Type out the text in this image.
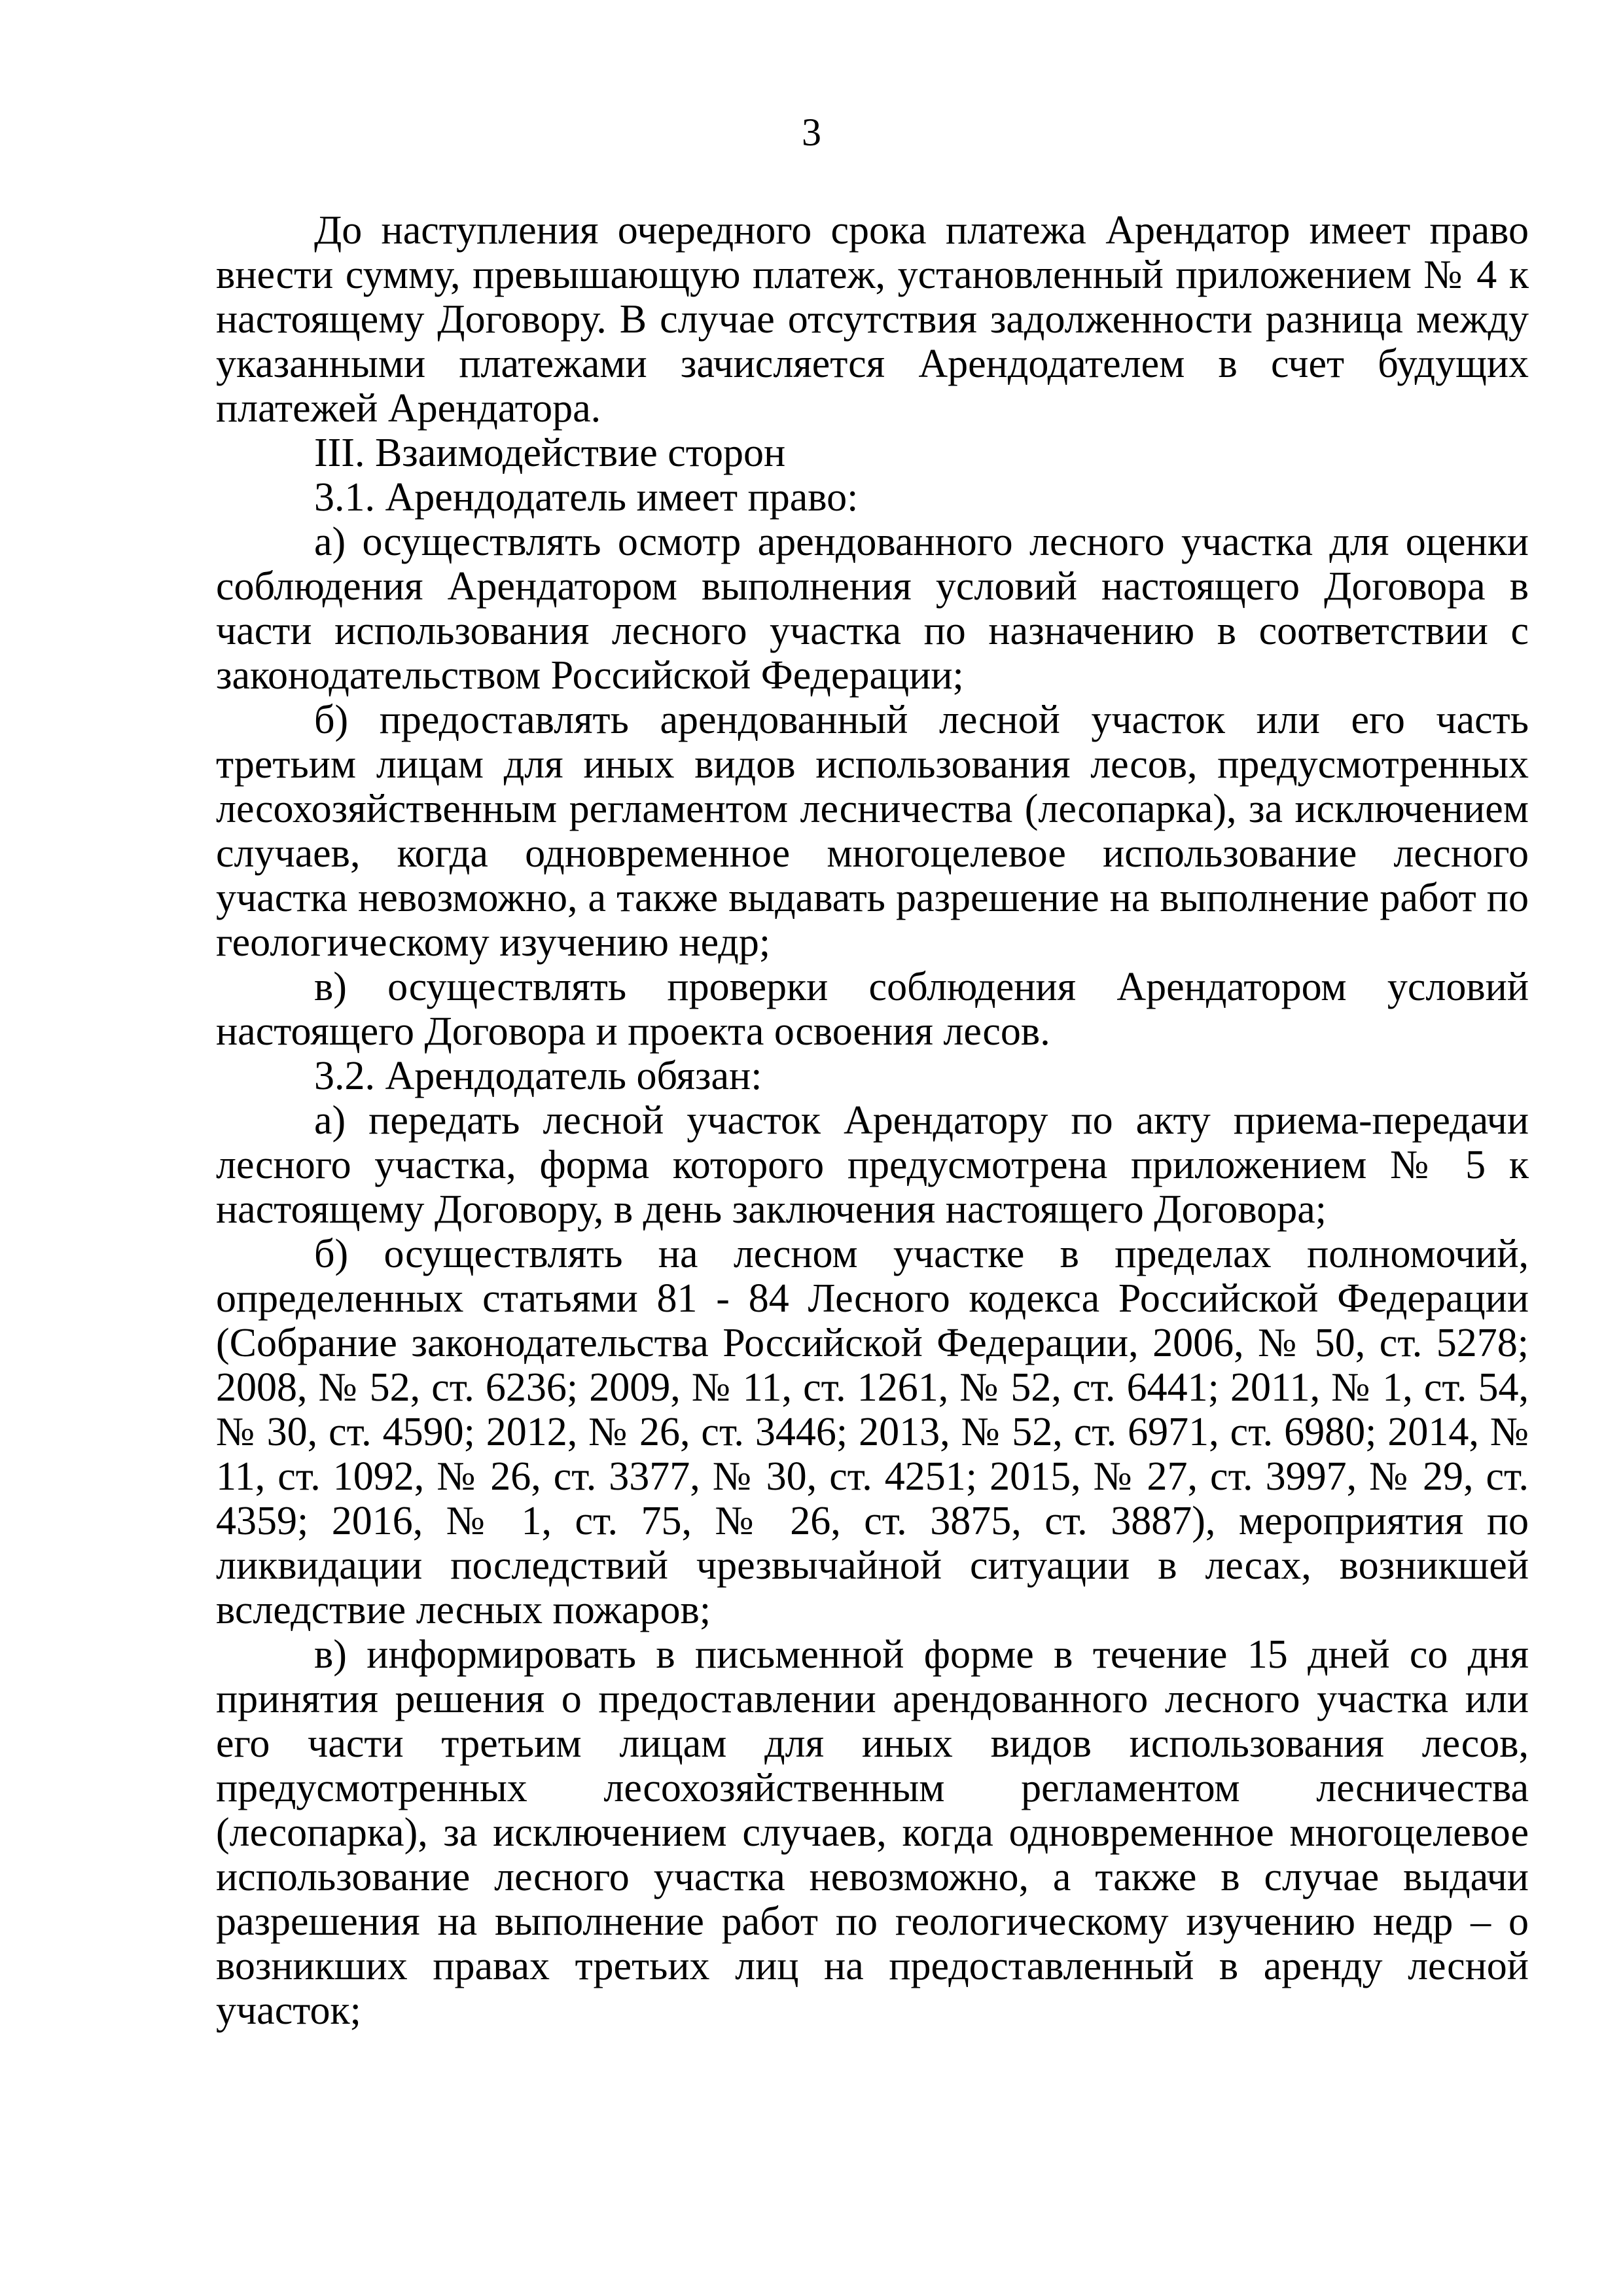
3

До наступления очередного срока платежа Арендатор имеет право внести сумму, превышающую платеж, установленный приложением № 4 к настоящему Договору. В случае отсутствия задолженности разница между указанными платежами зачисляется Арендодателем в счет будущих платежей Арендатора.

III. Взаимодействие сторон

3.1. Арендодатель имеет право:

а) осуществлять осмотр арендованного лесного участка для оценки соблюдения Арендатором выполнения условий настоящего Договора в части использования лесного участка по назначению в соответствии с законодательством Российской Федерации;

б) предоставлять арендованный лесной участок или его часть третьим лицам для иных видов использования лесов, предусмотренных лесохозяйственным регламентом лесничества (лесопарка), за исключением случаев, когда одновременное многоцелевое использование лесного участка невозможно, а также выдавать разрешение на выполнение работ по геологическому изучению недр;

в) осуществлять проверки соблюдения Арендатором условий настоящего Договора и проекта освоения лесов.

3.2. Арендодатель обязан:

а) передать лесной участок Арендатору по акту приема-передачи лесного участка, форма которого предусмотрена приложением № 5 к настоящему Договору, в день заключения настоящего Договора;

б) осуществлять на лесном участке в пределах полномочий, определенных статьями 81 - 84 Лесного кодекса Российской Федерации (Собрание законодательства Российской Федерации, 2006, № 50, ст. 5278; 2008, № 52, ст. 6236; 2009, № 11, ст. 1261, № 52, ст. 6441; 2011, № 1, ст. 54, № 30, ст. 4590; 2012, № 26, ст. 3446; 2013, № 52, ст. 6971, ст. 6980; 2014, № 11, ст. 1092, № 26, ст. 3377, № 30, ст. 4251; 2015, № 27, ст. 3997, № 29, ст. 4359; 2016, № 1, ст. 75, № 26, ст. 3875, ст. 3887), мероприятия по ликвидации последствий чрезвычайной ситуации в лесах, возникшей вследствие лесных пожаров;

в) информировать в письменной форме в течение 15 дней со дня принятия решения о предоставлении арендованного лесного участка или его части третьим лицам для иных видов использования лесов, предусмотренных лесохозяйственным регламентом лесничества (лесопарка), за исключением случаев, когда одновременное многоцелевое использование лесного участка невозможно, а также в случае выдачи разрешения на выполнение работ по геологическому изучению недр – о возникших правах третьих лиц на предоставленный в аренду лесной участок;
